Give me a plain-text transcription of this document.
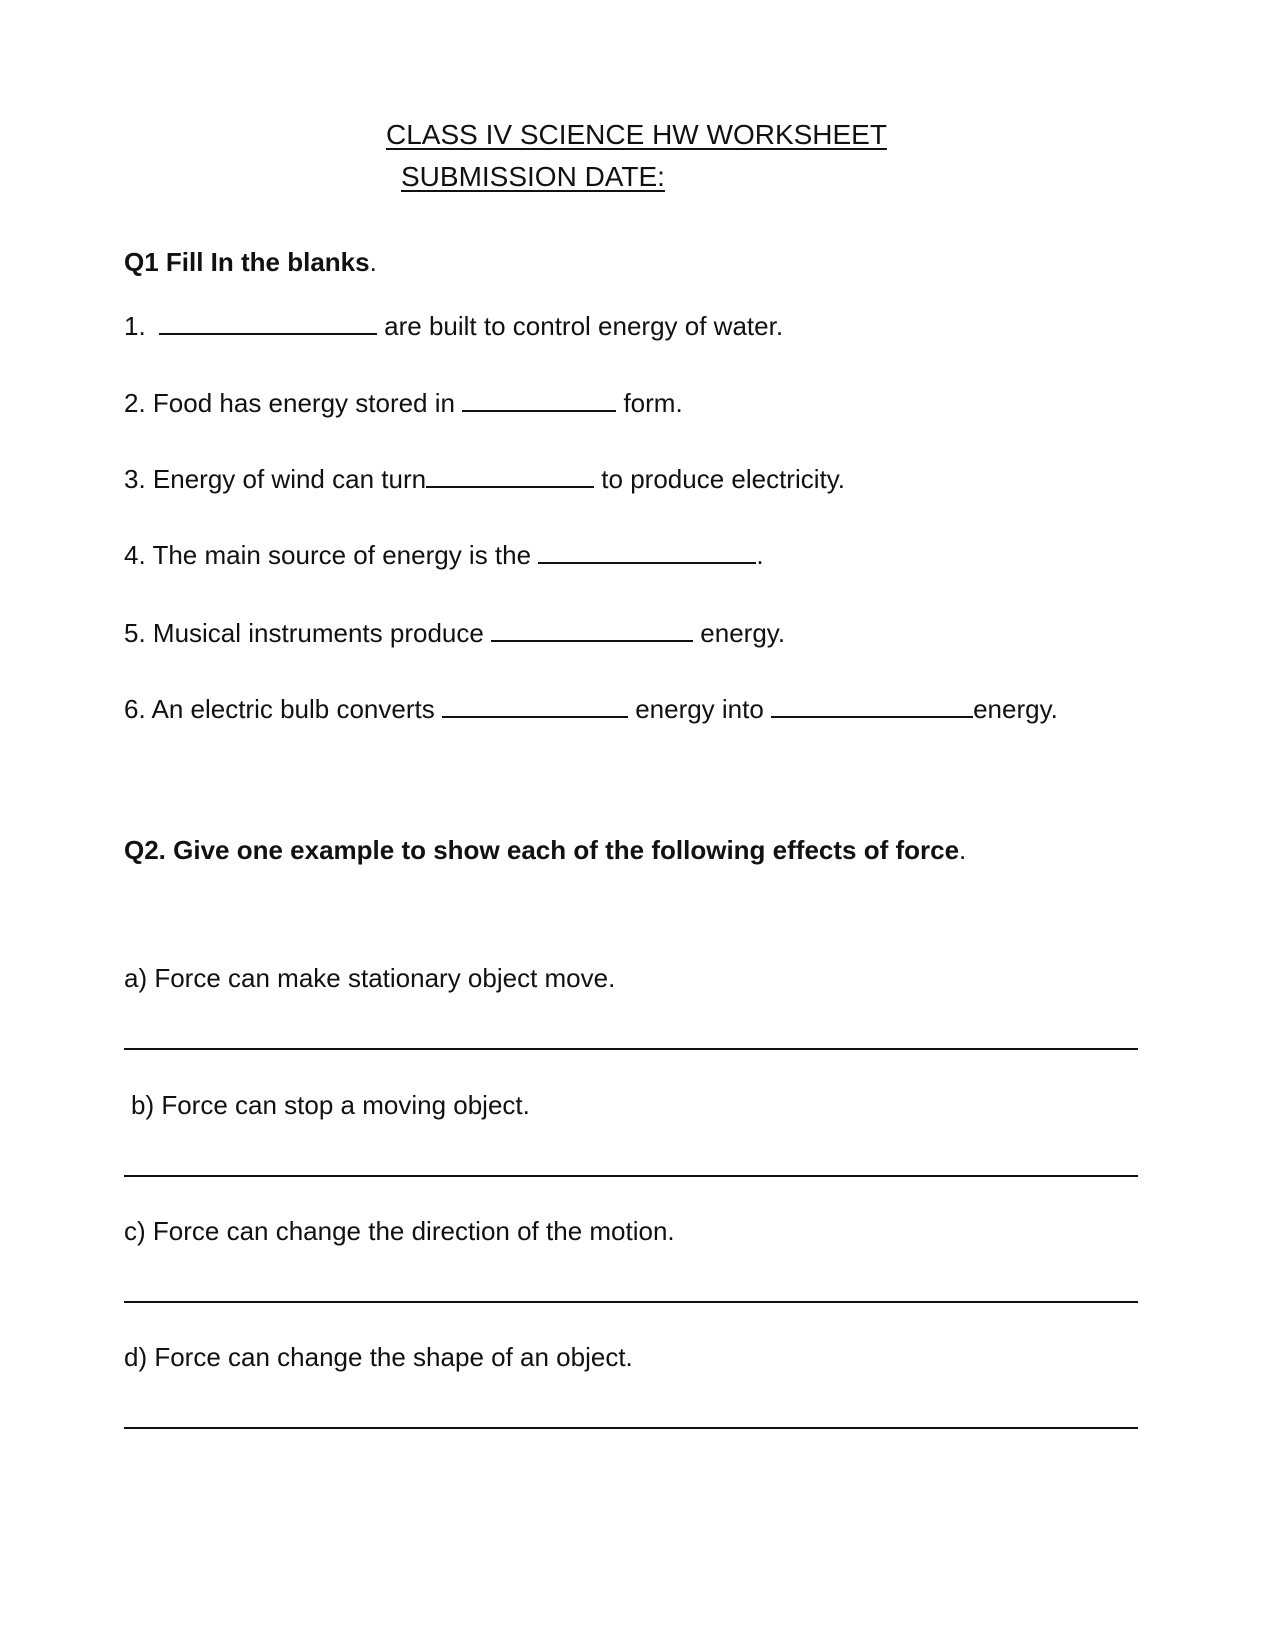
CLASS IV SCIENCE HW WORKSHEET
SUBMISSION DATE:
Q1 Fill In the blanks.
1.	are built to control energy of water.
2. Food has energy stored in	form.
3. Energy of wind can turn	to produce electricity.
4. The main source of energy is the	.
5. Musical instruments produce	energy.
6. An electric bulb converts	energy into	energy.
Q2. Give one example to show each of the following effects of force.
a) Force can make stationary object move.
b) Force can stop a moving object.
c) Force can change the direction of the motion.
d) Force can change the shape of an object.
